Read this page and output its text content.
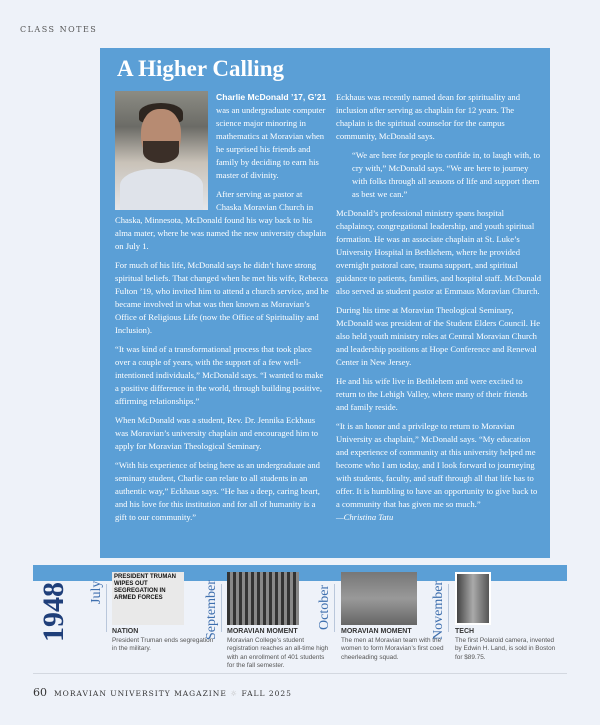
CLASS NOTES
A Higher Calling

Charlie McDonald ’17, G’21 was an undergraduate computer science major minoring in mathematics at Moravian when he surprised his friends and family by deciding to earn his master of divinity.

After serving as pastor at Chaska Moravian Church in Chaska, Minnesota, McDonald found his way back to his alma mater, where he was named the new university chaplain on July 1.

For much of his life, McDonald says he didn’t have strong spiritual beliefs. That changed when he met his wife, Rebecca Fulton ’19, who invited him to attend a church service, and he became involved in what was then known as Moravian’s Office of Religious Life (now the Office of Spirituality and Inclusion).

“It was kind of a transformational process that took place over a couple of years, with the support of a few well-intentioned individuals,” McDonald says. “I wanted to make a positive difference in the world, through building positive, affirming relationships.”

When McDonald was a student, Rev. Dr. Jennika Eckhaus was Moravian’s university chaplain and encouraged him to apply for Moravian Theological Seminary.

“With his experience of being here as an undergraduate and seminary student, Charlie can relate to all students in an authentic way,” Eckhaus says. “He has a deep, caring heart, and his love for this institution and for all of humanity is a gift to our community.”

Eckhaus was recently named dean for spirituality and inclusion after serving as chaplain for 12 years. The chaplain is the spiritual counselor for the campus community, McDonald says.

“We are here for people to confide in, to laugh with, to cry with,” McDonald says. “We are here to journey with folks through all seasons of life and support them as best we can.”

McDonald’s professional ministry spans hospital chaplaincy, congregational leadership, and youth spiritual formation. He was an associate chaplain at St. Luke’s University Hospital in Bethlehem, where he provided overnight pastoral care, trauma support, and spiritual guidance to patients, families, and hospital staff. McDonald also served as student pastor at Emmaus Moravian Church.

During his time at Moravian Theological Seminary, McDonald was president of the Student Elders Council. He also held youth ministry roles at Central Moravian Church and leadership positions at Hope Conference and Renewal Center in New Jersey.

He and his wife live in Bethlehem and were excited to return to the Lehigh Valley, where many of their friends and family reside.

“It is an honor and a privilege to return to Moravian University as chaplain,” McDonald says. “My education and experience of community at this university helped me become who I am today, and I look forward to journeying with students, faculty, and staff through all that life has to offer. It is humbling to have an opportunity to give back to a community that has given me so much.”
—Christina Tatu

1948 July
PRESIDENT TRUMAN WIPES OUT SEGREGATION IN ARMED FORCES
NATION
President Truman ends segregation in the military.
September MORAVIAN MOMENT
Moravian College’s student registration reaches an all-time high with an enrollment of 401 students for the fall semester.
October
MORAVIAN MOMENT
The men at Moravian team with the women to form Moravian’s first coed cheerleading squad.
November TECH
The first Polaroid camera, invented by Edwin H. Land, is sold in Boston for $89.75.
60 MORAVIAN UNIVERSITY MAGAZINE ☼ FALL 2025
